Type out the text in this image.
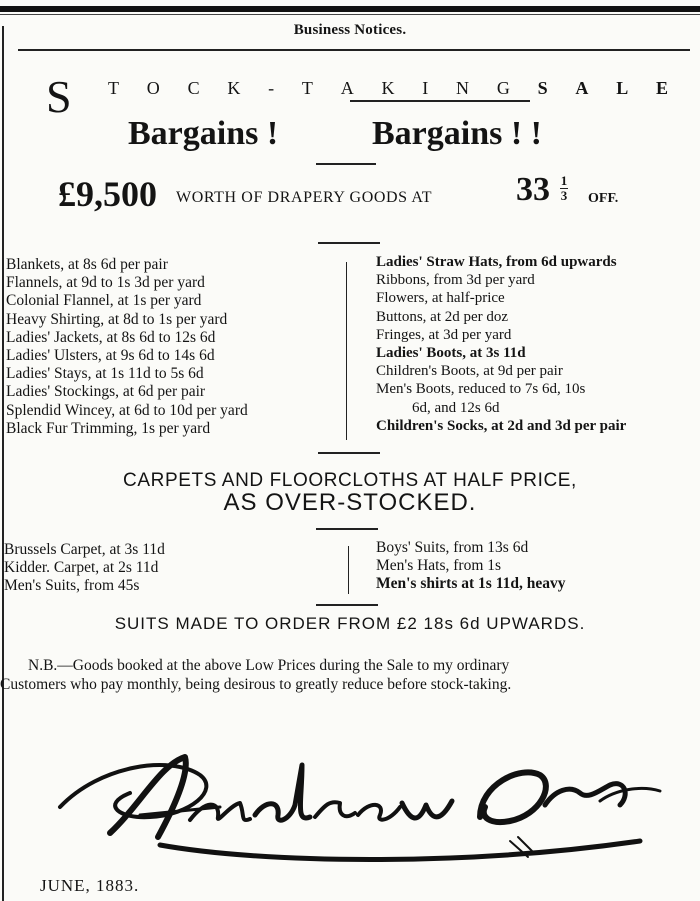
Business Notices.
S T O C K - T A K I N G S A L E
Bargains !	Bargains ! !
£9,500 WORTH OF DRAPERY GOODS AT 33 1
3 OFF.
Blankets, at 8s 6d per pair
Flannels, at 9d to 1s 3d per yard
Colonial Flannel, at 1s per yard
Heavy Shirting, at 8d to 1s per yard
Ladies' Jackets, at 8s 6d to 12s 6d
Ladies' Ulsters, at 9s 6d to 14s 6d
Ladies' Stays, at 1s 11d to 5s 6d
Ladies' Stockings, at 6d per pair
Splendid Wincey, at 6d to 10d per yard
Black Fur Trimming, 1s per yard
Ladies' Straw Hats, from 6d upwards
Ribbons, from 3d per yard
Flowers, at half-price
Buttons, at 2d per doz
Fringes, at 3d per yard
Ladies' Boots, at 3s 11d
Children's Boots, at 9d per pair
Men's Boots, reduced to 7s 6d, 10s
6d, and 12s 6d
Children's Socks, at 2d and 3d per pair
CARPETS AND FLOORCLOTHS AT HALF PRICE,
AS OVER-STOCKED.
Brussels Carpet, at 3s 11d
Kidder. Carpet, at 2s 11d
Men's Suits, from 45s
Boys' Suits, from 13s 6d
Men's Hats, from 1s
Men's shirts at 1s 11d, heavy
SUITS MADE TO ORDER FROM £2 18s 6d UPWARDS.
N.B.—Goods booked at the above Low Prices during the Sale to my ordinary
Customers who pay monthly, being desirous to greatly reduce before stock-taking.
JUNE, 1883.
